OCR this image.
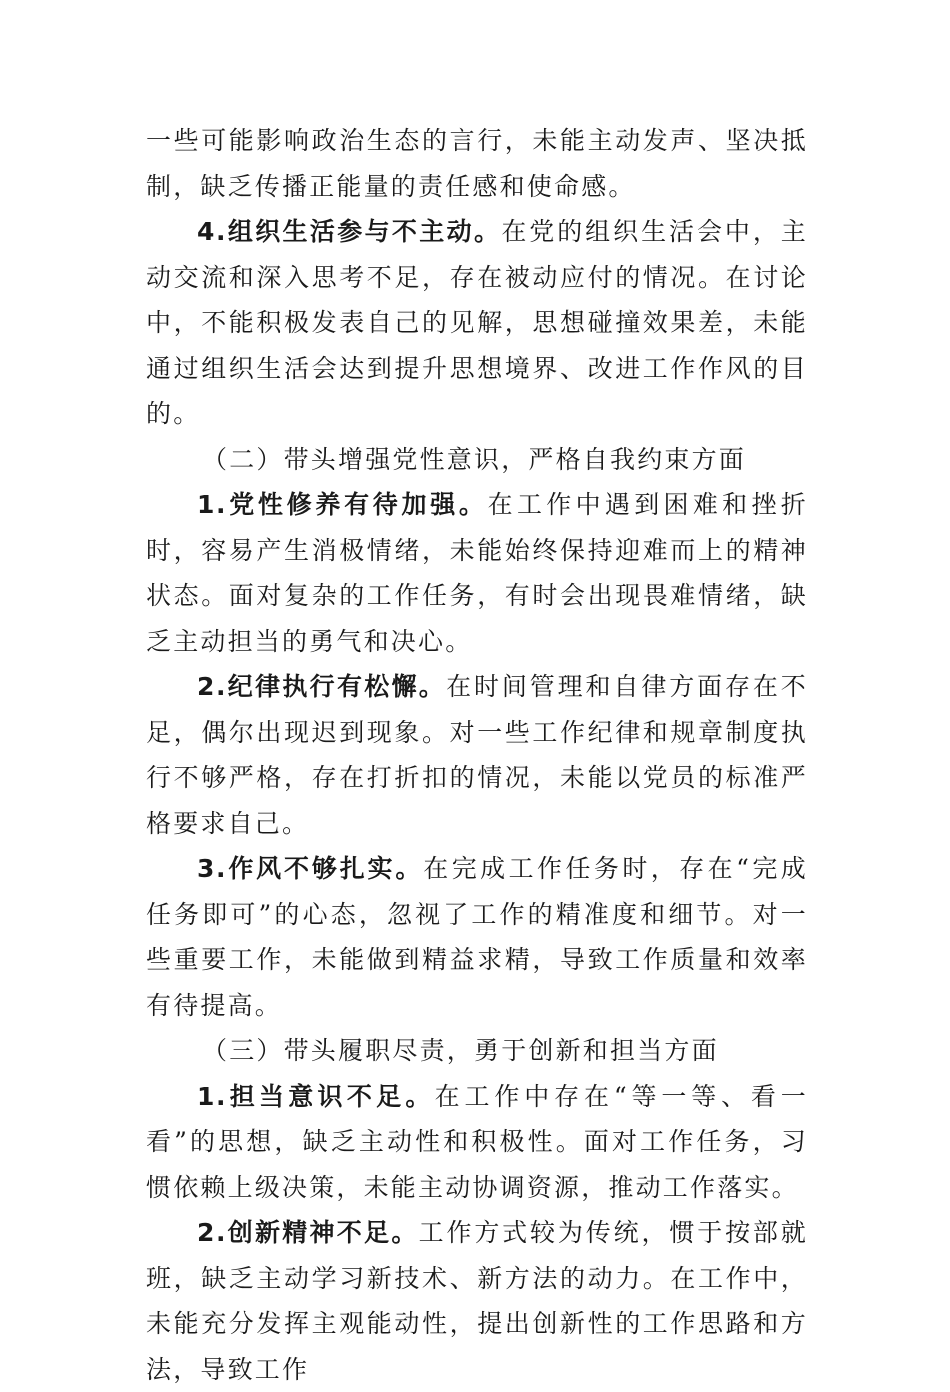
一些可能影响政治生态的言行，未能主动发声、坚决抵制，缺乏传播正能量的责任感和使命感。

4.组织生活参与不主动。在党的组织生活会中，主动交流和深入思考不足，存在被动应付的情况。在讨论中，不能积极发表自己的见解，思想碰撞效果差，未能通过组织生活会达到提升思想境界、改进工作作风的目的。

（二）带头增强党性意识，严格自我约束方面

1.党性修养有待加强。在工作中遇到困难和挫折时，容易产生消极情绪，未能始终保持迎难而上的精神状态。面对复杂的工作任务，有时会出现畏难情绪，缺乏主动担当的勇气和决心。

2.纪律执行有松懈。在时间管理和自律方面存在不足，偶尔出现迟到现象。对一些工作纪律和规章制度执行不够严格，存在打折扣的情况，未能以党员的标准严格要求自己。

3.作风不够扎实。在完成工作任务时，存在“完成任务即可”的心态，忽视了工作的精准度和细节。对一些重要工作，未能做到精益求精，导致工作质量和效率有待提高。

（三）带头履职尽责，勇于创新和担当方面

1.担当意识不足。在工作中存在“等一等、看一看”的思想，缺乏主动性和积极性。面对工作任务，习惯依赖上级决策，未能主动协调资源，推动工作落实。

2.创新精神不足。工作方式较为传统，惯于按部就班，缺乏主动学习新技术、新方法的动力。在工作中，未能充分发挥主观能动性，提出创新性的工作思路和方法，导致工作
